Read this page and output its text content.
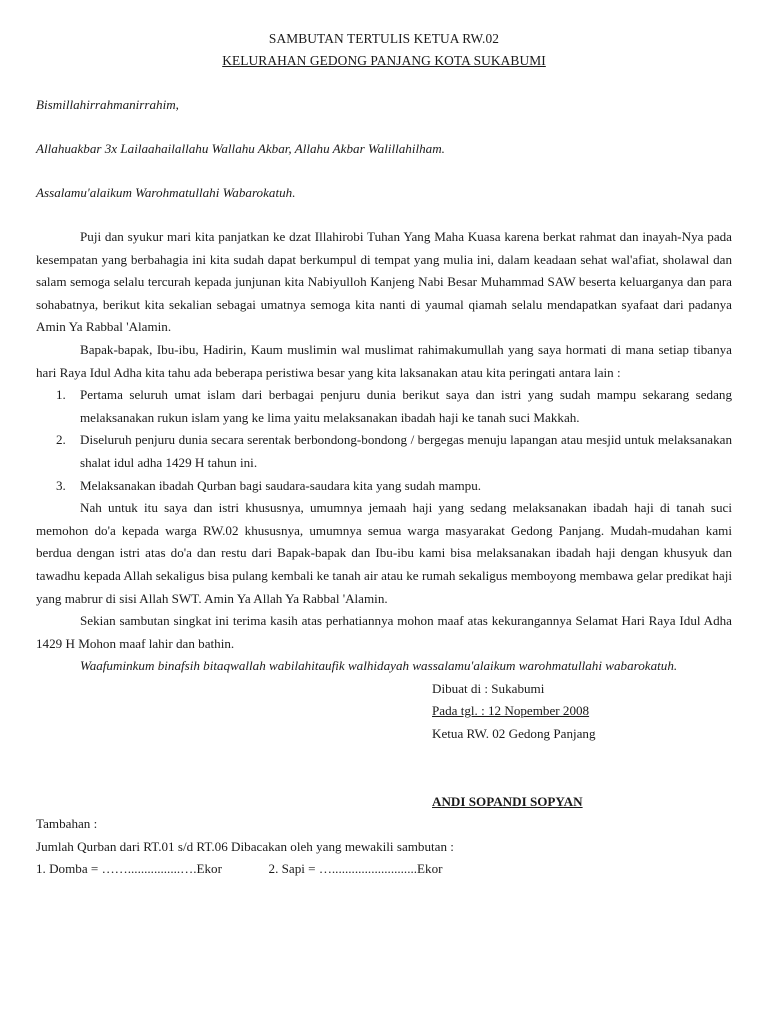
SAMBUTAN TERTULIS KETUA RW.02
KELURAHAN GEDONG PANJANG KOTA SUKABUMI

Bismillahirrahmanirrahim,

Allahuakbar 3x Lailaahailallahu Wallahu Akbar, Allahu Akbar Walillahilham.

Assalamu'alaikum Warohmatullahi Wabarokatuh.

Puji dan syukur mari kita panjatkan ke dzat Illahirobi Tuhan Yang Maha Kuasa karena berkat rahmat dan inayah-Nya pada kesempatan yang berbahagia ini kita sudah dapat berkumpul di tempat yang mulia ini, dalam keadaan sehat wal'afiat, sholawal dan salam semoga selalu tercurah kepada junjunan kita Nabiyulloh Kanjeng Nabi Besar Muhammad SAW beserta keluarganya dan para sohabatnya, berikut kita sekalian sebagai umatnya semoga kita nanti di yaumal qiamah selalu mendapatkan syafaat dari padanya Amin Ya Rabbal 'Alamin.

Bapak-bapak, Ibu-ibu, Hadirin, Kaum muslimin wal muslimat rahimakumullah yang saya hormati di mana setiap tibanya hari Raya Idul Adha kita tahu ada beberapa peristiwa besar yang kita laksanakan atau kita peringati antara lain :

1. Pertama seluruh umat islam dari berbagai penjuru dunia berikut saya dan istri yang sudah mampu sekarang sedang melaksanakan rukun islam yang ke lima yaitu melaksanakan ibadah haji ke tanah suci Makkah.
2. Diseluruh penjuru dunia secara serentak berbondong-bondong / bergegas menuju lapangan atau mesjid untuk melaksanakan shalat idul adha 1429 H tahun ini.
3. Melaksanakan ibadah Qurban bagi saudara-saudara kita yang sudah mampu.

Nah untuk itu saya dan istri khususnya, umumnya jemaah haji yang sedang melaksanakan ibadah haji di tanah suci memohon do'a kepada warga RW.02 khususnya, umumnya semua warga masyarakat Gedong Panjang. Mudah-mudahan kami berdua dengan istri atas do'a dan restu dari Bapak-bapak dan Ibu-ibu kami bisa melaksanakan ibadah haji dengan khusyuk dan tawadhu kepada Allah sekaligus bisa pulang kembali ke tanah air atau ke rumah sekaligus memboyong membawa gelar predikat haji yang mabrur di sisi Allah SWT. Amin Ya Allah Ya Rabbal 'Alamin.

Sekian sambutan singkat ini terima kasih atas perhatiannya mohon maaf atas kekurangannya Selamat Hari Raya Idul Adha 1429 H Mohon maaf lahir dan bathin.

Waafuminkum binafsih bitaqwallah wabilahitaufik walhidayah wassalamu'alaikum warohmatullahi wabarokatuh.

Dibuat di : Sukabumi
Pada tgl. : 12 Nopember 2008
Ketua RW. 02 Gedong Panjang
ANDI SOPANDI SOPYAN
Tambahan :
Jumlah Qurban dari RT.01 s/d RT.06 Dibacakan oleh yang mewakili sambutan :
1. Domba = ……................….Ekor	2. Sapi = …..........................Ekor
